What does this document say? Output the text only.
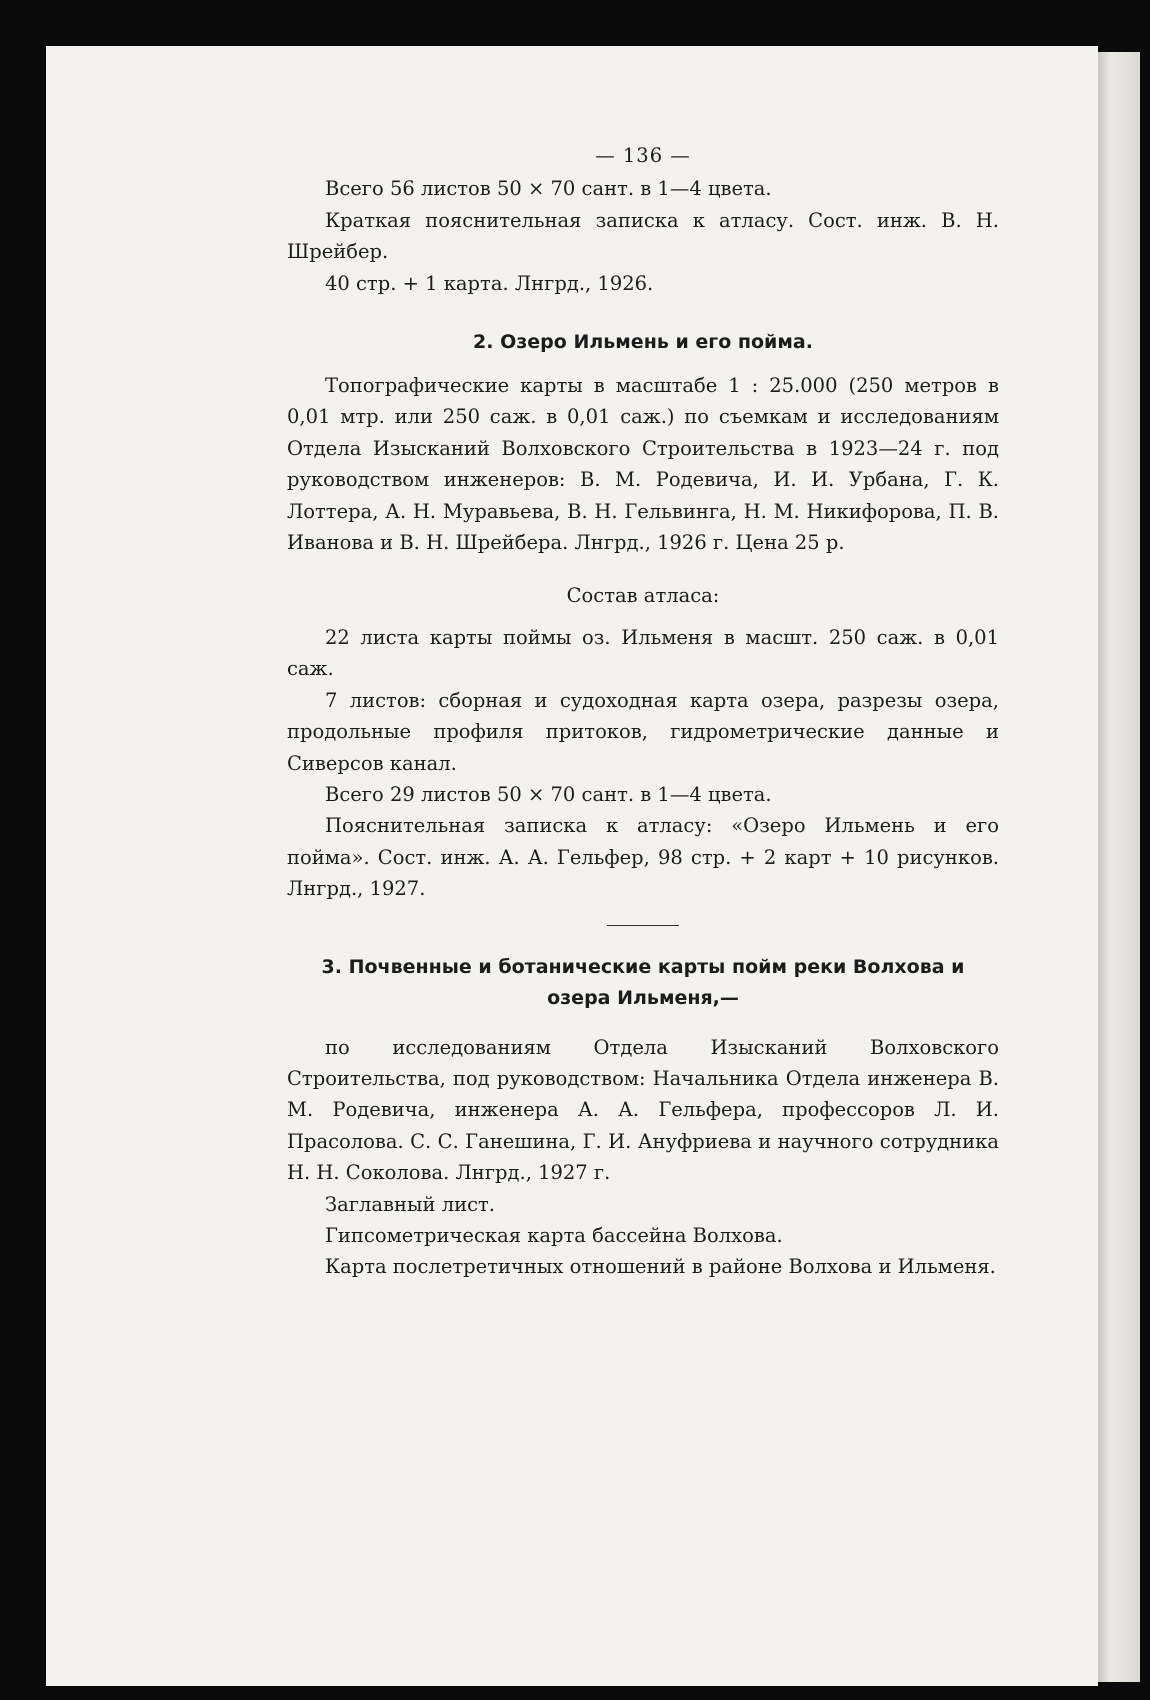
— 136 —

Всего 56 листов 50 × 70 сант. в 1—4 цвета.

Краткая пояснительная записка к атласу. Сост. инж. В. Н. Шрейбер.

40 стр. + 1 карта. Лнгрд., 1926.

2. Озеро Ильмень и его пойма.

Топографические карты в масштабе 1 : 25.000 (250 метров в 0,01 мтр. или 250 саж. в 0,01 саж.) по съемкам и исследованиям Отдела Изысканий Волховского Строительства в 1923—24 г. под руководством инженеров: В. М. Родевича, И. И. Урбана, Г. К. Лоттера, А. Н. Муравьева, В. Н. Гельвинга, Н. М. Никифорова, П. В. Иванова и В. Н. Шрейбера. Лнгрд., 1926 г. Цена 25 р.

Состав атласа:

22 листа карты поймы оз. Ильменя в масшт. 250 саж. в 0,01 саж.

7 листов: сборная и судоходная карта озера, разрезы озера, продольные профиля притоков, гидрометрические данные и Сиверсов канал.

Всего 29 листов 50 × 70 сант. в 1—4 цвета.

Пояснительная записка к атласу: «Озеро Ильмень и его пойма». Сост. инж. А. А. Гельфер, 98 стр. + 2 карт + 10 рисунков. Лнгрд., 1927.

3. Почвенные и ботанические карты пойм реки Волхова и озера Ильменя,—

по исследованиям Отдела Изысканий Волховского Строительства, под руководством: Начальника Отдела инженера В. М. Родевича, инженера А. А. Гельфера, профессоров Л. И. Прасолова. С. С. Ганешина, Г. И. Ануфриева и научного сотрудника Н. Н. Соколова. Лнгрд., 1927 г.

Заглавный лист.

Гипсометрическая карта бассейна Волхова.

Карта послетретичных отношений в районе Волхова и Ильменя.
